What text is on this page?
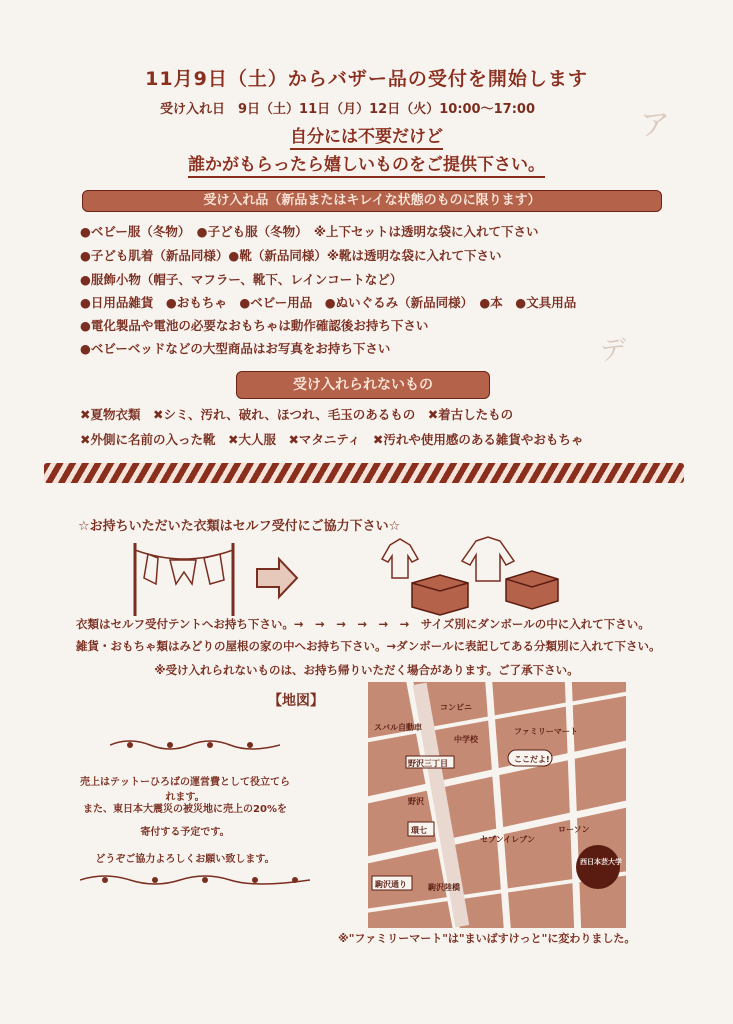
ア
デ
11月9日（土）からバザー品の受付を開始します
受け入れ日　9日（土）11日（月）12日（火）10:00〜17:00
自分には不要だけど
誰かがもらったら嬉しいものをご提供下さい。
受け入れ品（新品またはキレイな状態のものに限ります）
●ベビー服（冬物）　●子ども服（冬物）　※上下セットは透明な袋に入れて下さい
●子ども肌着（新品同様）●靴（新品同様）※靴は透明な袋に入れて下さい
●服飾小物（帽子、マフラー、靴下、レインコートなど）
●日用品雑貨　●おもちゃ　●ベビー用品　●ぬいぐるみ（新品同様）　●本　●文具用品
●電化製品や電池の必要なおもちゃは動作確認後お持ち下さい
●ベビーベッドなどの大型商品はお写真をお持ち下さい
受け入れられないもの
✖夏物衣類　✖シミ、汚れ、破れ、ほつれ、毛玉のあるもの　✖着古したもの
✖外側に名前の入った靴　✖大人服　✖マタニティ　✖汚れや使用感のある雑貨やおもちゃ
☆お持ちいただいた衣類はセルフ受付にご協力下さい☆
衣類はセルフ受付テントへお持ち下さい。→　→　→　→　→　→　サイズ別にダンボールの中に入れて下さい。
雑貨・おもちゃ類はみどりの屋根の家の中へお持ち下さい。→ダンボールに表記してある分類別に入れて下さい。
※受け入れられないものは、お持ち帰りいただく場合があります。ご了承下さい。
【地図】
売上はテットーひろばの運営費として役立てられます。
また、東日本大震災の被災地に売上の20%を
寄付する予定です。
どうぞご協力よろしくお願い致します。
スバル自動車
コンビニ
中学校
野沢三丁目
ファミリーマート
ここだよ!
野沢
環七
セブンイレブン
ローソン
駒沢通り	駒沢陸橋
西日本芸大学
※"ファミリーマート"は"まいばすけっと"に変わりました。
